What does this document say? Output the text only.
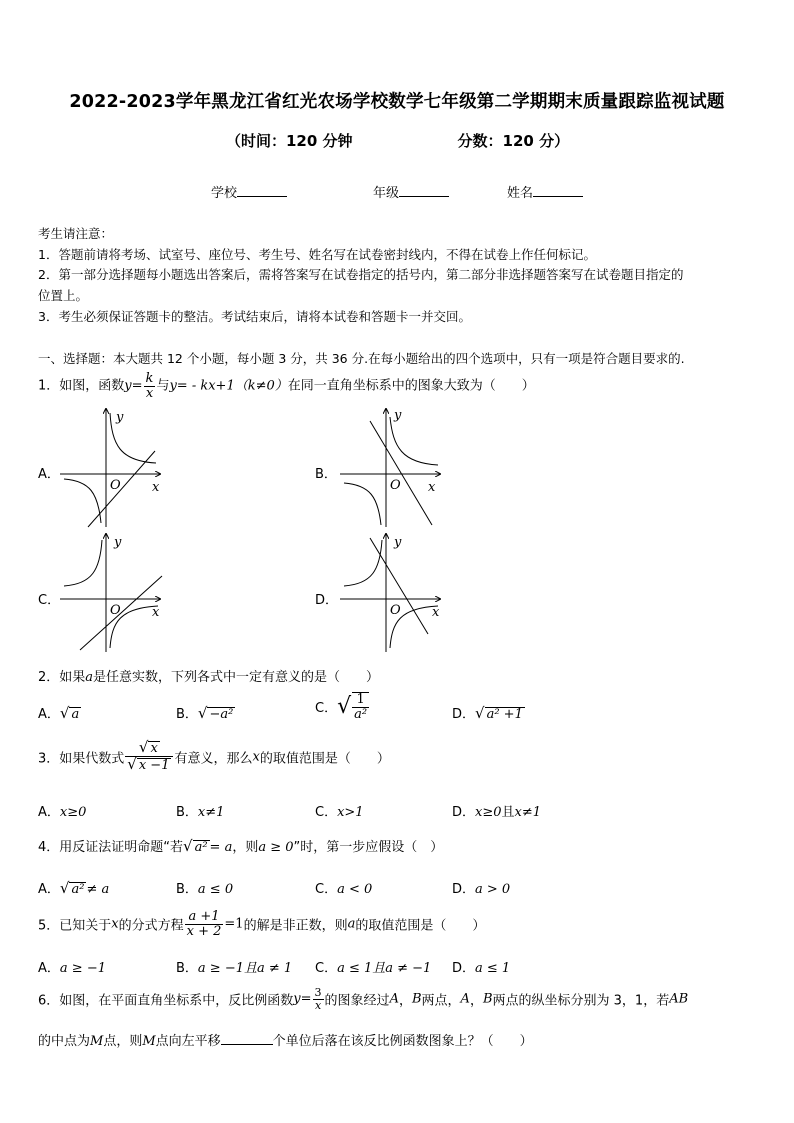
2022-2023学年黑龙江省红光农场学校数学七年级第二学期期末质量跟踪监视试题
（时间：120 分钟	分数：120 分）
学校	年级	姓名
考生请注意：
1．答题前请将考场、试室号、座位号、考生号、姓名写在试卷密封线内，不得在试卷上作任何标记。
2．第一部分选择题每小题选出答案后，需将答案写在试卷指定的括号内，第二部分非选择题答案写在试卷题目指定的
位置上。
3．考生必须保证答题卡的整洁。考试结束后，请将本试卷和答题卡一并交回。
一、选择题：本大题共 12 个小题，每小题 3 分，共 36 分.在每小题给出的四个选项中，只有一项是符合题目要求的.
1．如图，函数$y= \frac{k}{x}$ 与y= - kx+1（k≠0）在同一直角坐标系中的图象大致为（　　）
A．	B．
C．	D．
y
x
O
y
x
O
y
x
O
y
x
O
2．如果a是任意实数，下列各式中一定有意义的是（　　）
A．√ a	B．√ −a²	C．√ $\frac{1}{\text{a²}}$	D．√ a² +1
3．如果代数式 $\frac{√ x}{√ x -1}$ 有意义，那么x的取值范围是（　　）
A．x≥0	B．x≠1	C．x>1	D．x≥0且x≠1
4．用反证法证明命题“若√ a² = a，则a ≥ 0”时，第一步应假设（　）
A．√ a² ≠ a	B．a ≤ 0	C．a < 0	D．a > 0
5．已知关于x的分式方程 $\frac{a +1}{x + 2} =1$的解是非正数，则a的取值范围是（　　）
A．a ≥ −1	B．a ≥ −1且a ≠ 1 C．a ≤ 1且a ≠ −1 D．a ≤ 1
6．如图，在平面直角坐标系中，反比例函数$y= \frac{3}{x}$ 的图象经过A，B两点，A，B两点的纵坐标分别为 3，1，若AB
的中点为M点，则M点向左平移	个单位后落在该反比例函数图象上？（　　）
